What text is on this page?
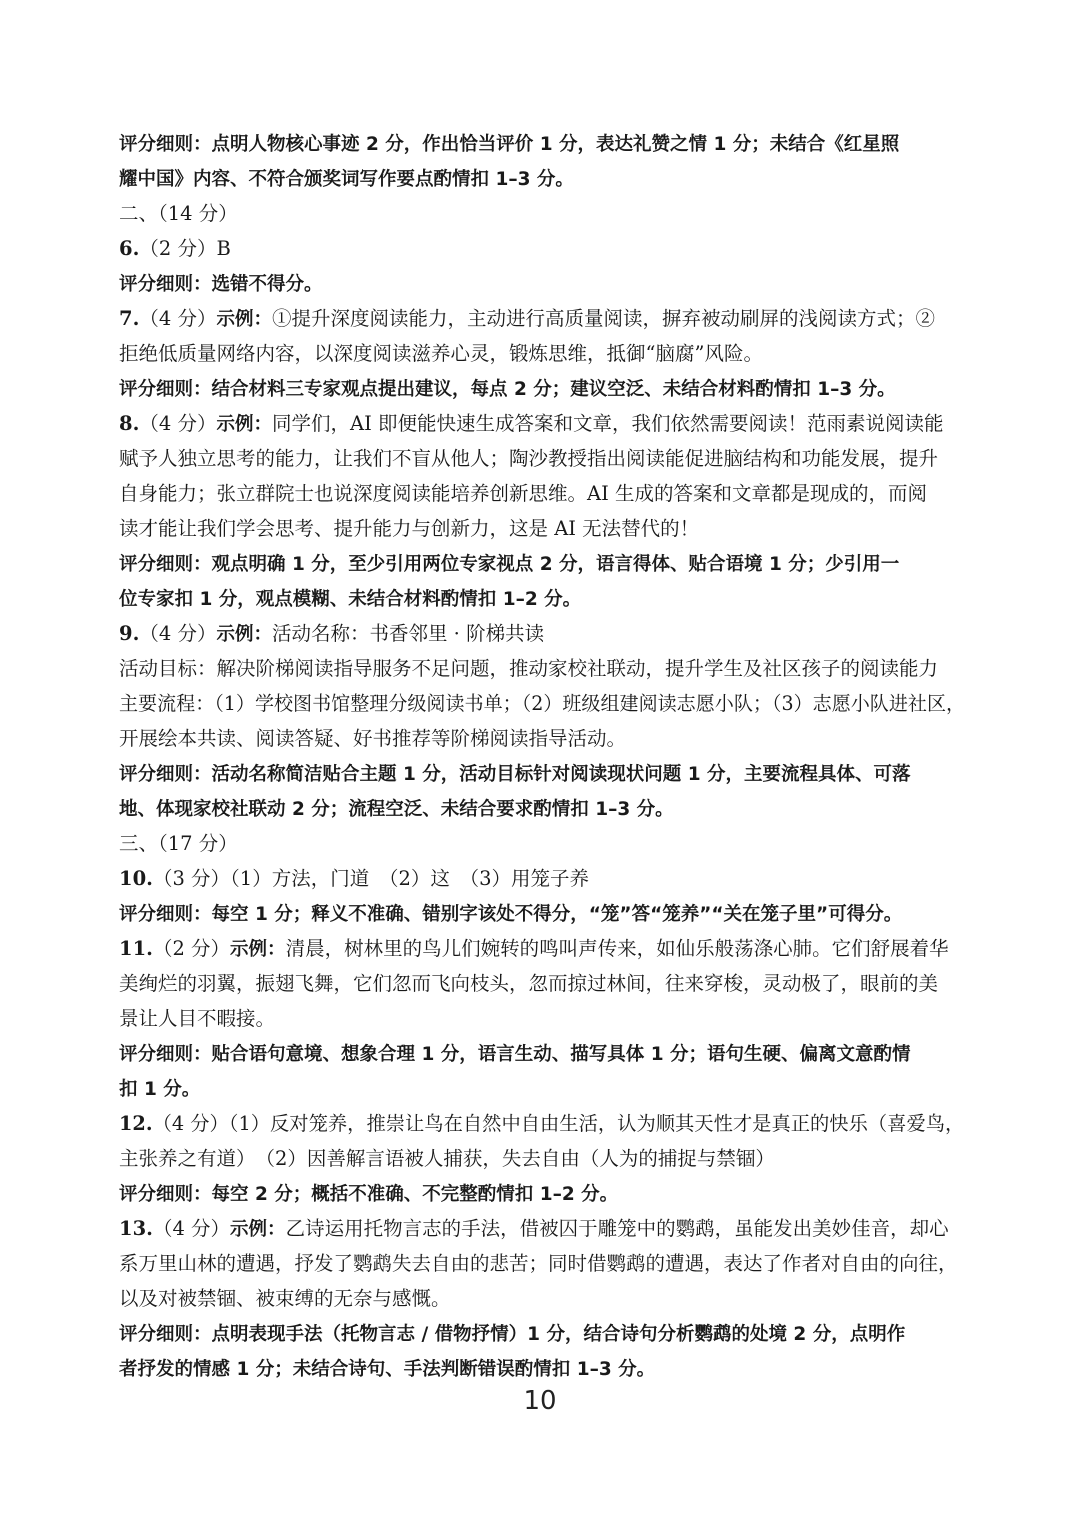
评分细则：点明人物核心事迹 2 分，作出恰当评价 1 分，表达礼赞之情 1 分；未结合《红星照
耀中国》内容、不符合颁奖词写作要点酌情扣 1–3 分。
二、（14 分）
6.（2 分）B
评分细则：选错不得分。
7.（4 分）示例：①提升深度阅读能力，主动进行高质量阅读，摒弃被动刷屏的浅阅读方式；②
拒绝低质量网络内容，以深度阅读滋养心灵，锻炼思维，抵御“脑腐”风险。
评分细则：结合材料三专家观点提出建议，每点 2 分；建议空泛、未结合材料酌情扣 1–3 分。
8.（4 分）示例：同学们，AI 即便能快速生成答案和文章，我们依然需要阅读！范雨素说阅读能
赋予人独立思考的能力，让我们不盲从他人；陶沙教授指出阅读能促进脑结构和功能发展，提升
自身能力；张立群院士也说深度阅读能培养创新思维。AI 生成的答案和文章都是现成的，而阅
读才能让我们学会思考、提升能力与创新力，这是 AI 无法替代的！
评分细则：观点明确 1 分，至少引用两位专家视点 2 分，语言得体、贴合语境 1 分；少引用一
位专家扣 1 分，观点模糊、未结合材料酌情扣 1–2 分。
9.（4 分）示例：活动名称：书香邻里 · 阶梯共读
活动目标：解决阶梯阅读指导服务不足问题，推动家校社联动，提升学生及社区孩子的阅读能力
主要流程：（1）学校图书馆整理分级阅读书单；（2）班级组建阅读志愿小队；（3）志愿小队进社区，
开展绘本共读、阅读答疑、好书推荐等阶梯阅读指导活动。
评分细则：活动名称简洁贴合主题 1 分，活动目标针对阅读现状问题 1 分，主要流程具体、可落
地、体现家校社联动 2 分；流程空泛、未结合要求酌情扣 1–3 分。
三、（17 分）
10.（3 分）（1）方法，门道　（2）这　（3）用笼子养
评分细则：每空 1 分；释义不准确、错别字该处不得分，“笼”答“笼养”“关在笼子里”可得分。
11.（2 分）示例：清晨，树林里的鸟儿们婉转的鸣叫声传来，如仙乐般荡涤心肺。它们舒展着华
美绚烂的羽翼，振翅飞舞，它们忽而飞向枝头，忽而掠过林间，往来穿梭，灵动极了，眼前的美
景让人目不暇接。
评分细则：贴合语句意境、想象合理 1 分，语言生动、描写具体 1 分；语句生硬、偏离文意酌情
扣 1 分。
12.（4 分）（1）反对笼养，推崇让鸟在自然中自由生活，认为顺其天性才是真正的快乐（喜爱鸟，
主张养之有道）　（2）因善解言语被人捕获，失去自由（人为的捕捉与禁锢）
评分细则：每空 2 分；概括不准确、不完整酌情扣 1–2 分。
13.（4 分）示例：乙诗运用托物言志的手法，借被囚于雕笼中的鹦鹉，虽能发出美妙佳音，却心
系万里山林的遭遇，抒发了鹦鹉失去自由的悲苦；同时借鹦鹉的遭遇，表达了作者对自由的向往，
以及对被禁锢、被束缚的无奈与感慨。
评分细则：点明表现手法（托物言志 / 借物抒情）1 分，结合诗句分析鹦鹉的处境 2 分，点明作
者抒发的情感 1 分；未结合诗句、手法判断错误酌情扣 1–3 分。
10
